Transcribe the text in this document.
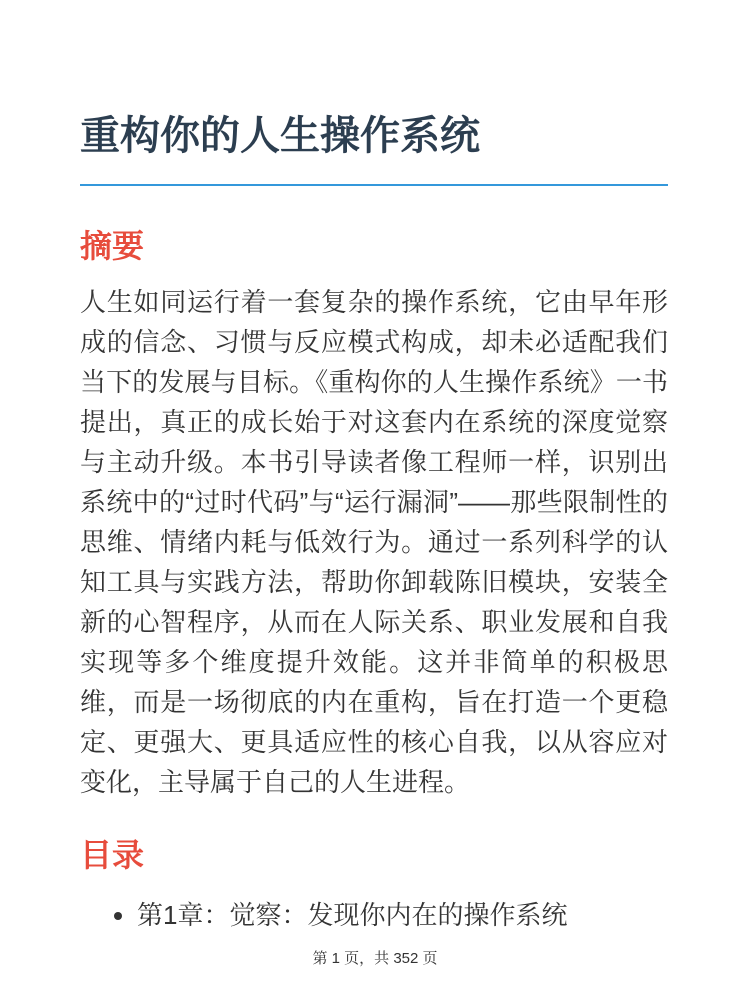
重构你的人生操作系统
摘要

人生如同运行着一套复杂的操作系统，它由早年形成的信念、习惯与反应模式构成，却未必适配我们当下的发展与目标。《重构你的人生操作系统》一书提出，真正的成长始于对这套内在系统的深度觉察与主动升级。本书引导读者像工程师一样，识别出系统中的“过时代码”与“运行漏洞”——那些限制性的思维、情绪内耗与低效行为。通过一系列科学的认知工具与实践方法，帮助你卸载陈旧模块，安装全新的心智程序，从而在人际关系、职业发展和自我实现等多个维度提升效能。这并非简单的积极思维，而是一场彻底的内在重构，旨在打造一个更稳定、更强大、更具适应性的核心自我，以从容应对变化，主导属于自己的人生进程。

目录
• 第1章：觉察：发现你内在的操作系统
第 1 页，共 352 页
